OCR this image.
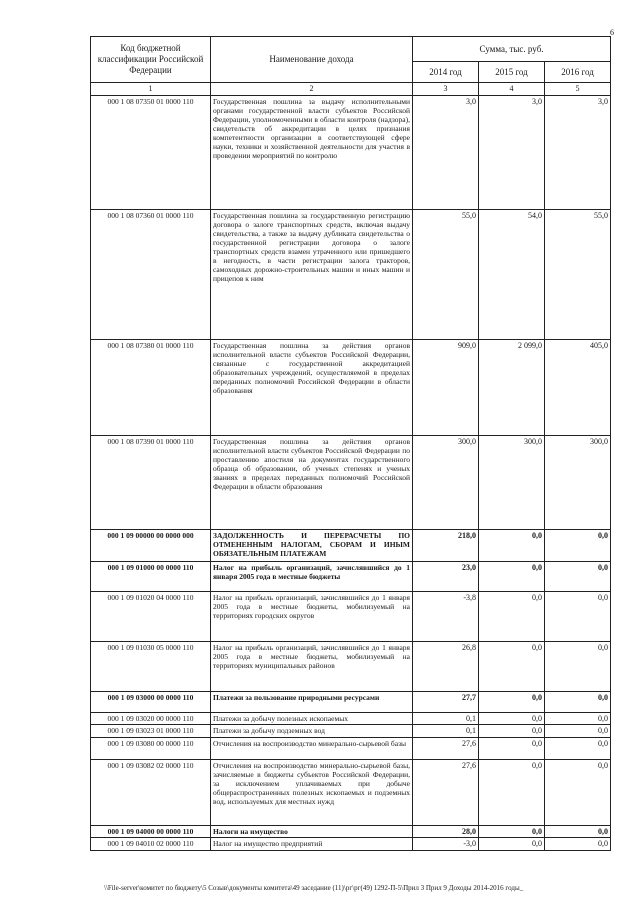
6
Код бюджетной классификации Российской Федерации	Наименование дохода	Сумма, тыс. руб.		
		2014 год	2015 год	2016 год
1	2	3	4	5
000 1 08 07350 01 0000 110	Государственная пошлина за выдачу исполнительными органами государственной власти субъектов Российской Федерации, уполномоченными в области контроля (надзора), свидетельств об аккредитации в целях признания компетентности организации в соответствующей сфере науки, техники и хозяйственной деятельности для участия в проведении мероприятий по контролю	3,0	3,0	3,0
000 1 08 07360 01 0000 110	Государственная пошлина за государственную регистрацию договора о залоге транспортных средств, включая выдачу свидетельства, а также за выдачу дубликата свидетельства о государственной регистрации договора о залоге транспортных средств взамен утраченного или пришедшего в негодность, в части регистрации залога тракторов, самоходных дорожно-строительных машин и иных машин и прицепов к ним	55,0	54,0	55,0
000 1 08 07380 01 0000 110	Государственная пошлина за действия органов исполнительной власти субъектов Российской Федерации, связанные с государственной аккредитацией образовательных учреждений, осуществляемой в пределах переданных полномочий Российской Федерации в области образования	909,0	2 099,0	405,0
000 1 08 07390 01 0000 110	Государственная пошлина за действия органов исполнительной власти субъектов Российской Федерации по проставлению апостиля на документах государственного образца об образовании, об ученых степенях и ученых званиях в пределах переданных полномочий Российской Федерации в области образования	300,0	300,0	300,0
000 1 09 00000 00 0000 000	ЗАДОЛЖЕННОСТЬ И ПЕРЕРАСЧЕТЫ ПО ОТМЕНЕННЫМ НАЛОГАМ, СБОРАМ И ИНЫМ ОБЯЗАТЕЛЬНЫМ ПЛАТЕЖАМ	218,0	0,0	0,0
000 1 09 01000 00 0000 110	Налог на прибыль организаций, зачислявшийся до 1 января 2005 года в местные бюджеты	23,0	0,0	0,0
000 1 09 01020 04 0000 110	Налог на прибыль организаций, зачислявшийся до 1 января 2005 года в местные бюджеты, мобилизуемый на территориях городских округов	-3,8	0,0	0,0
000 1 09 01030 05 0000 110	Налог на прибыль организаций, зачислявшийся до 1 января 2005 года в местные бюджеты, мобилизуемый на территориях муниципальных районов	26,8	0,0	0,0
000 1 09 03000 00 0000 110	Платежи за пользование природными ресурсами	27,7	0,0	0,0
000 1 09 03020 00 0000 110	Платежи за добычу полезных ископаемых	0,1	0,0	0,0
000 1 09 03023 01 0000 110	Платежи за добычу подземных вод	0,1	0,0	0,0
000 1 09 03080 00 0000 110	Отчисления на воспроизводство минерально-сырьевой базы	27,6	0,0	0,0
000 1 09 03082 02 0000 110	Отчисления на воспроизводство минерально-сырьевой базы, зачисляемые в бюджеты субъектов Российской Федерации, за исключением уплачиваемых при добыче общераспространенных полезных ископаемых и подземных вод, используемых для местных нужд	27,6	0,0	0,0
000 1 09 04000 00 0000 110	Налоги на имущество	28,0	0,0	0,0
000 1 09 04010 02 0000 110	Налог на имущество предприятий	-3,0	0,0	0,0
\\File-server\комитет по бюджету\5 Созыв\документы комитета\49 заседание (11)\рг\рг(49) 1292-П-5\Прил 3 Прил 9 Доходы 2014-2016 годы_
